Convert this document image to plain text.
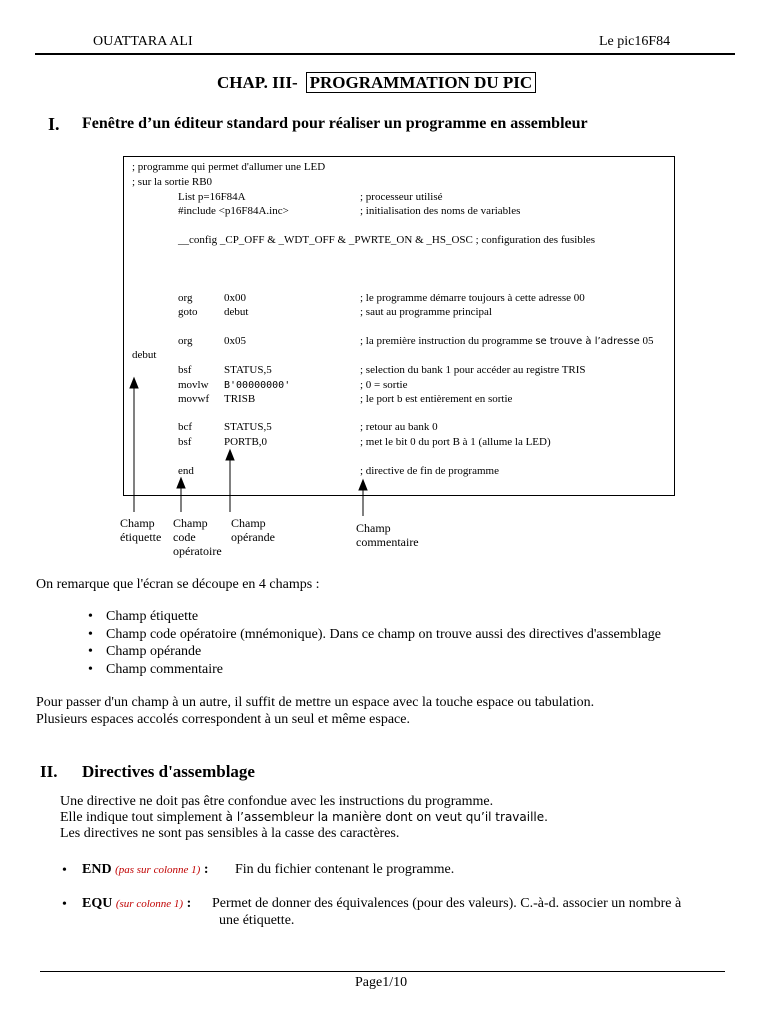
OUATTARA ALI	Le pic16F84
CHAP. III- PROGRAMMATION DU PIC
I. Fenêtre d’un éditeur standard pour réaliser un programme en assembleur
; programme qui permet d'allumer une LED
; sur la sortie RB0
List p=16F84A	; processeur utilisé
#include <p16F84A.inc>	; initialisation des noms de variables
__config _CP_OFF & _WDT_OFF & _PWRTE_ON & _HS_OSC ; configuration des fusibles
org	0x00	; le programme démarre toujours à cette adresse 00
goto debut	; saut au programme principal
org	0x05	; la première instruction du programme se trouve à l’adresse 05
debut
bsf	STATUS,5	; selection du bank 1 pour accéder au registre TRIS
movlw B'00000000'	; 0 = sortie
movwf TRISB	; le port b est entièrement en sortie
bcf	STATUS,5	; retour au bank 0
bsf	PORTB,0	; met le bit 0 du port B à 1 (allume la LED)
end	; directive de fin de programme
Champ
étiquette
Champ
code
opératoire
Champ
opérande
Champ
commentaire
On remarque que l'écran se découpe en 4 champs :
• Champ étiquette
• Champ code opératoire (mnémonique). Dans ce champ on trouve aussi des directives d'assemblage
• Champ opérande
• Champ commentaire
Pour passer d'un champ à un autre, il suffit de mettre un espace avec la touche espace ou tabulation.
Plusieurs espaces accolés correspondent à un seul et même espace.
II. Directives d'assemblage
Une directive ne doit pas être confondue avec les instructions du programme.
Elle indique tout simplement à l’assembleur la manière dont on veut qu’il travaille.
Les directives ne sont pas sensibles à la casse des caractères.
• END (pas sur colonne 1) : Fin du fichier contenant le programme.
• EQU (sur colonne 1) : Permet de donner des équivalences (pour des valeurs). C.-à-d. associer un nombre à
une étiquette.
Page1/10
